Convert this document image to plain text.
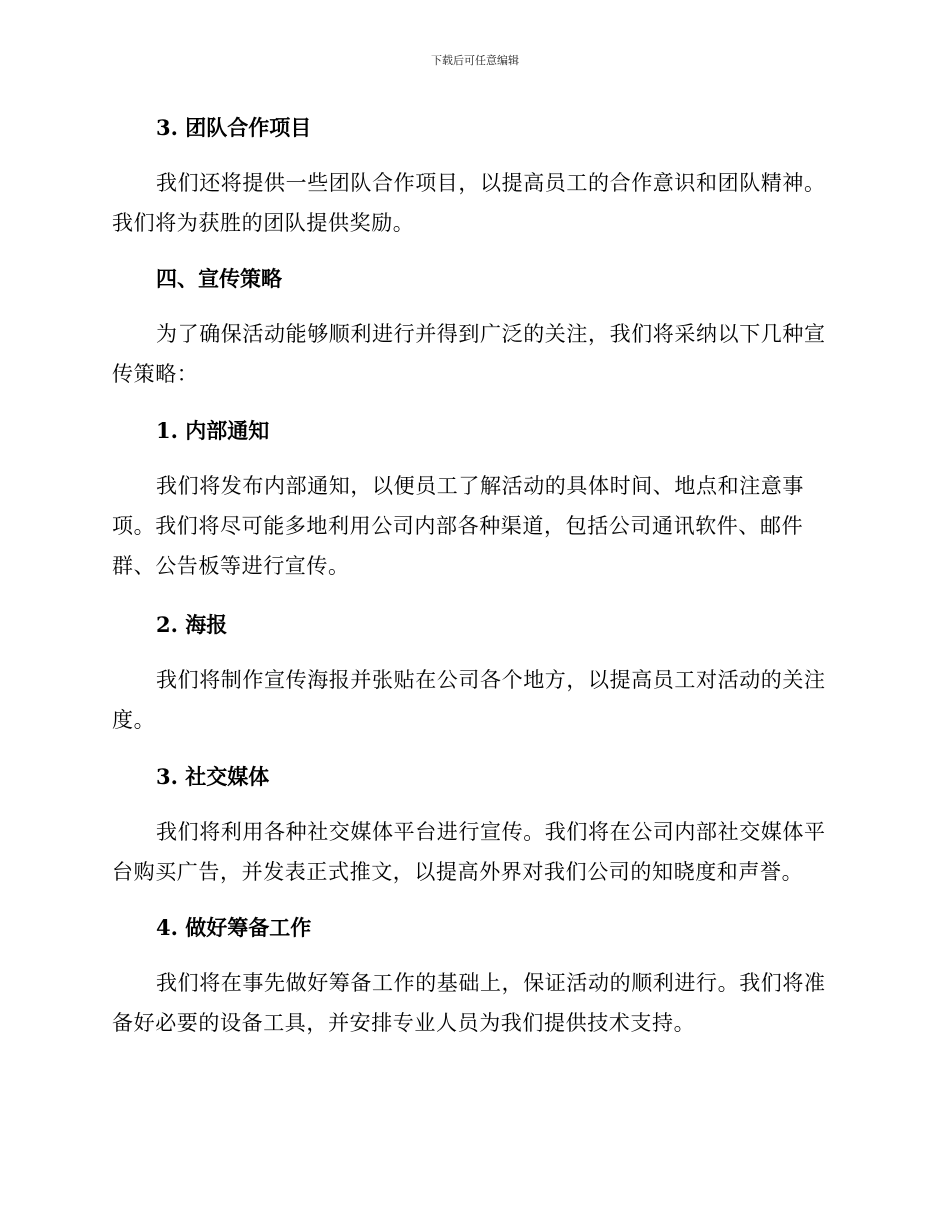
下载后可任意编辑
3. 团队合作项目

我们还将提供一些团队合作项目，以提高员工的合作意识和团队精神。我们将为获胜的团队提供奖励。

四、宣传策略

为了确保活动能够顺利进行并得到广泛的关注，我们将采纳以下几种宣传策略：

1. 内部通知

我们将发布内部通知，以便员工了解活动的具体时间、地点和注意事项。我们将尽可能多地利用公司内部各种渠道，包括公司通讯软件、邮件群、公告板等进行宣传。

2. 海报

我们将制作宣传海报并张贴在公司各个地方，以提高员工对活动的关注度。

3. 社交媒体

我们将利用各种社交媒体平台进行宣传。我们将在公司内部社交媒体平台购买广告，并发表正式推文，以提高外界对我们公司的知晓度和声誉。

4. 做好筹备工作

我们将在事先做好筹备工作的基础上，保证活动的顺利进行。我们将准备好必要的设备工具，并安排专业人员为我们提供技术支持。
